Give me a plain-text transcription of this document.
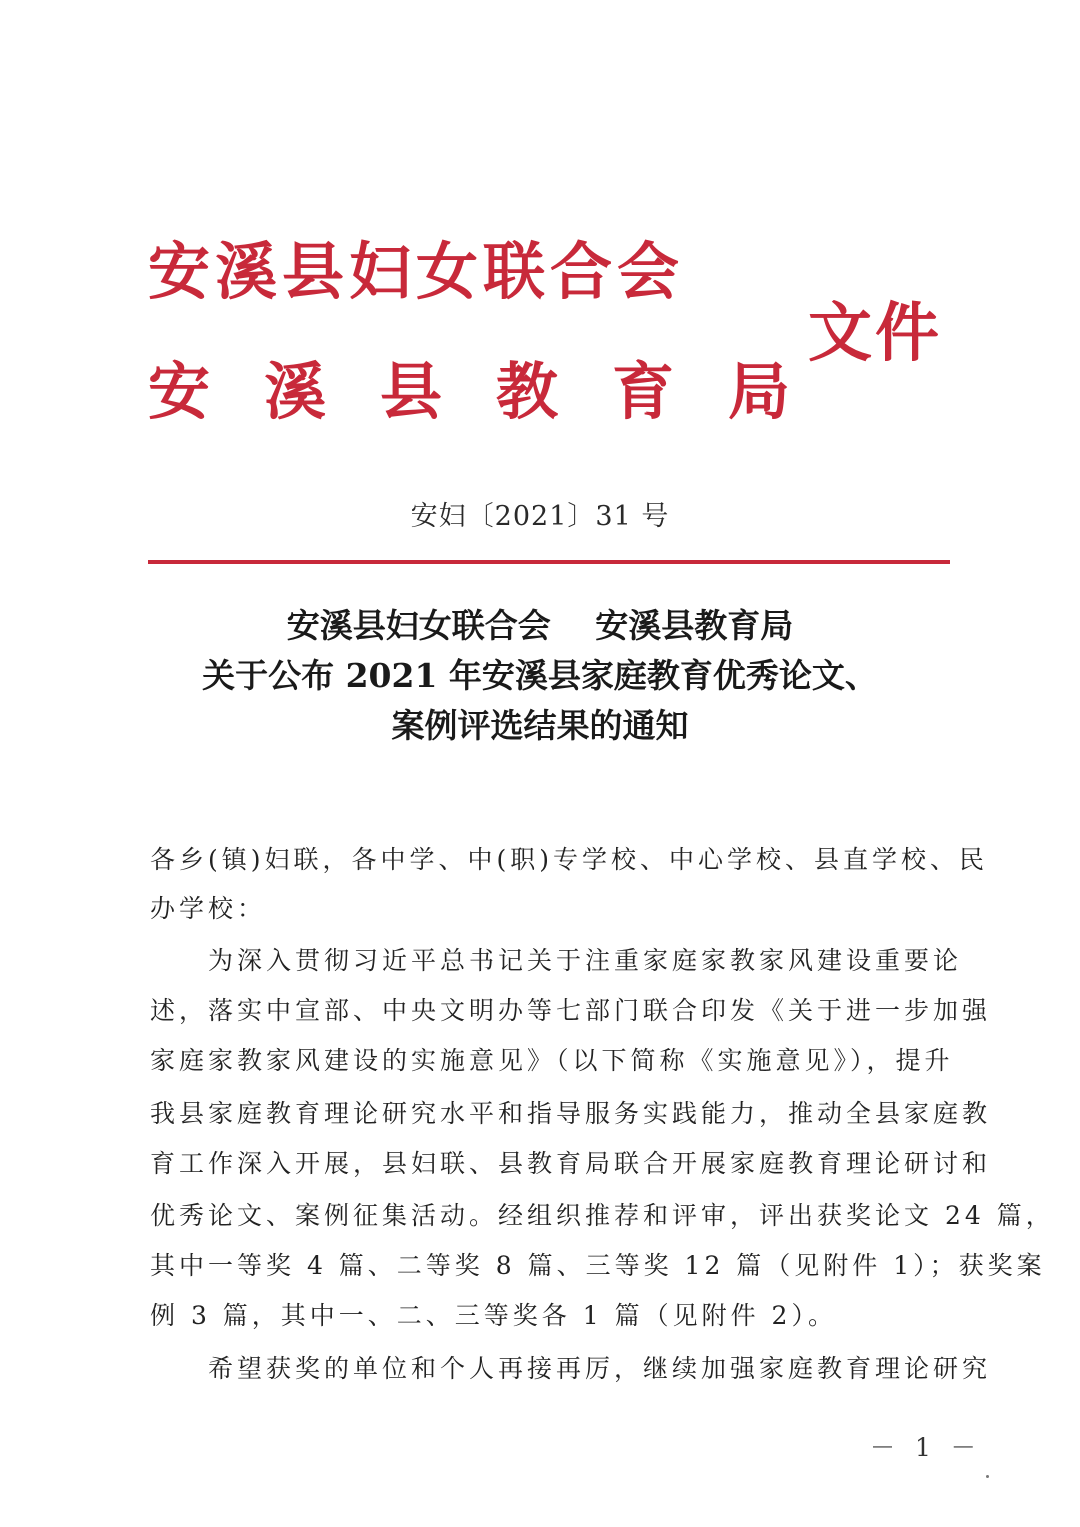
安溪县妇女联合会
安溪县教育局
文件
安妇〔2021〕31 号
安溪县妇女联合会　 安溪县教育局
关于公布 2021 年安溪县家庭教育优秀论文、
案例评选结果的通知
各乡(镇)妇联，各中学、中(职)专学校、中心学校、县直学校、民
办学校：
　　为深入贯彻习近平总书记关于注重家庭家教家风建设重要论
述，落实中宣部、中央文明办等七部门联合印发《关于进一步加强
家庭家教家风建设的实施意见》（以下简称《实施意见》），提升
我县家庭教育理论研究水平和指导服务实践能力，推动全县家庭教
育工作深入开展，县妇联、县教育局联合开展家庭教育理论研讨和
优秀论文、案例征集活动。经组织推荐和评审，评出获奖论文 24 篇，
其中一等奖 4 篇、二等奖 8 篇、三等奖 12 篇（见附件 1）；获奖案
例 3 篇，其中一、二、三等奖各 1 篇（见附件 2）。
　　希望获奖的单位和个人再接再厉，继续加强家庭教育理论研究
－ 1 －
